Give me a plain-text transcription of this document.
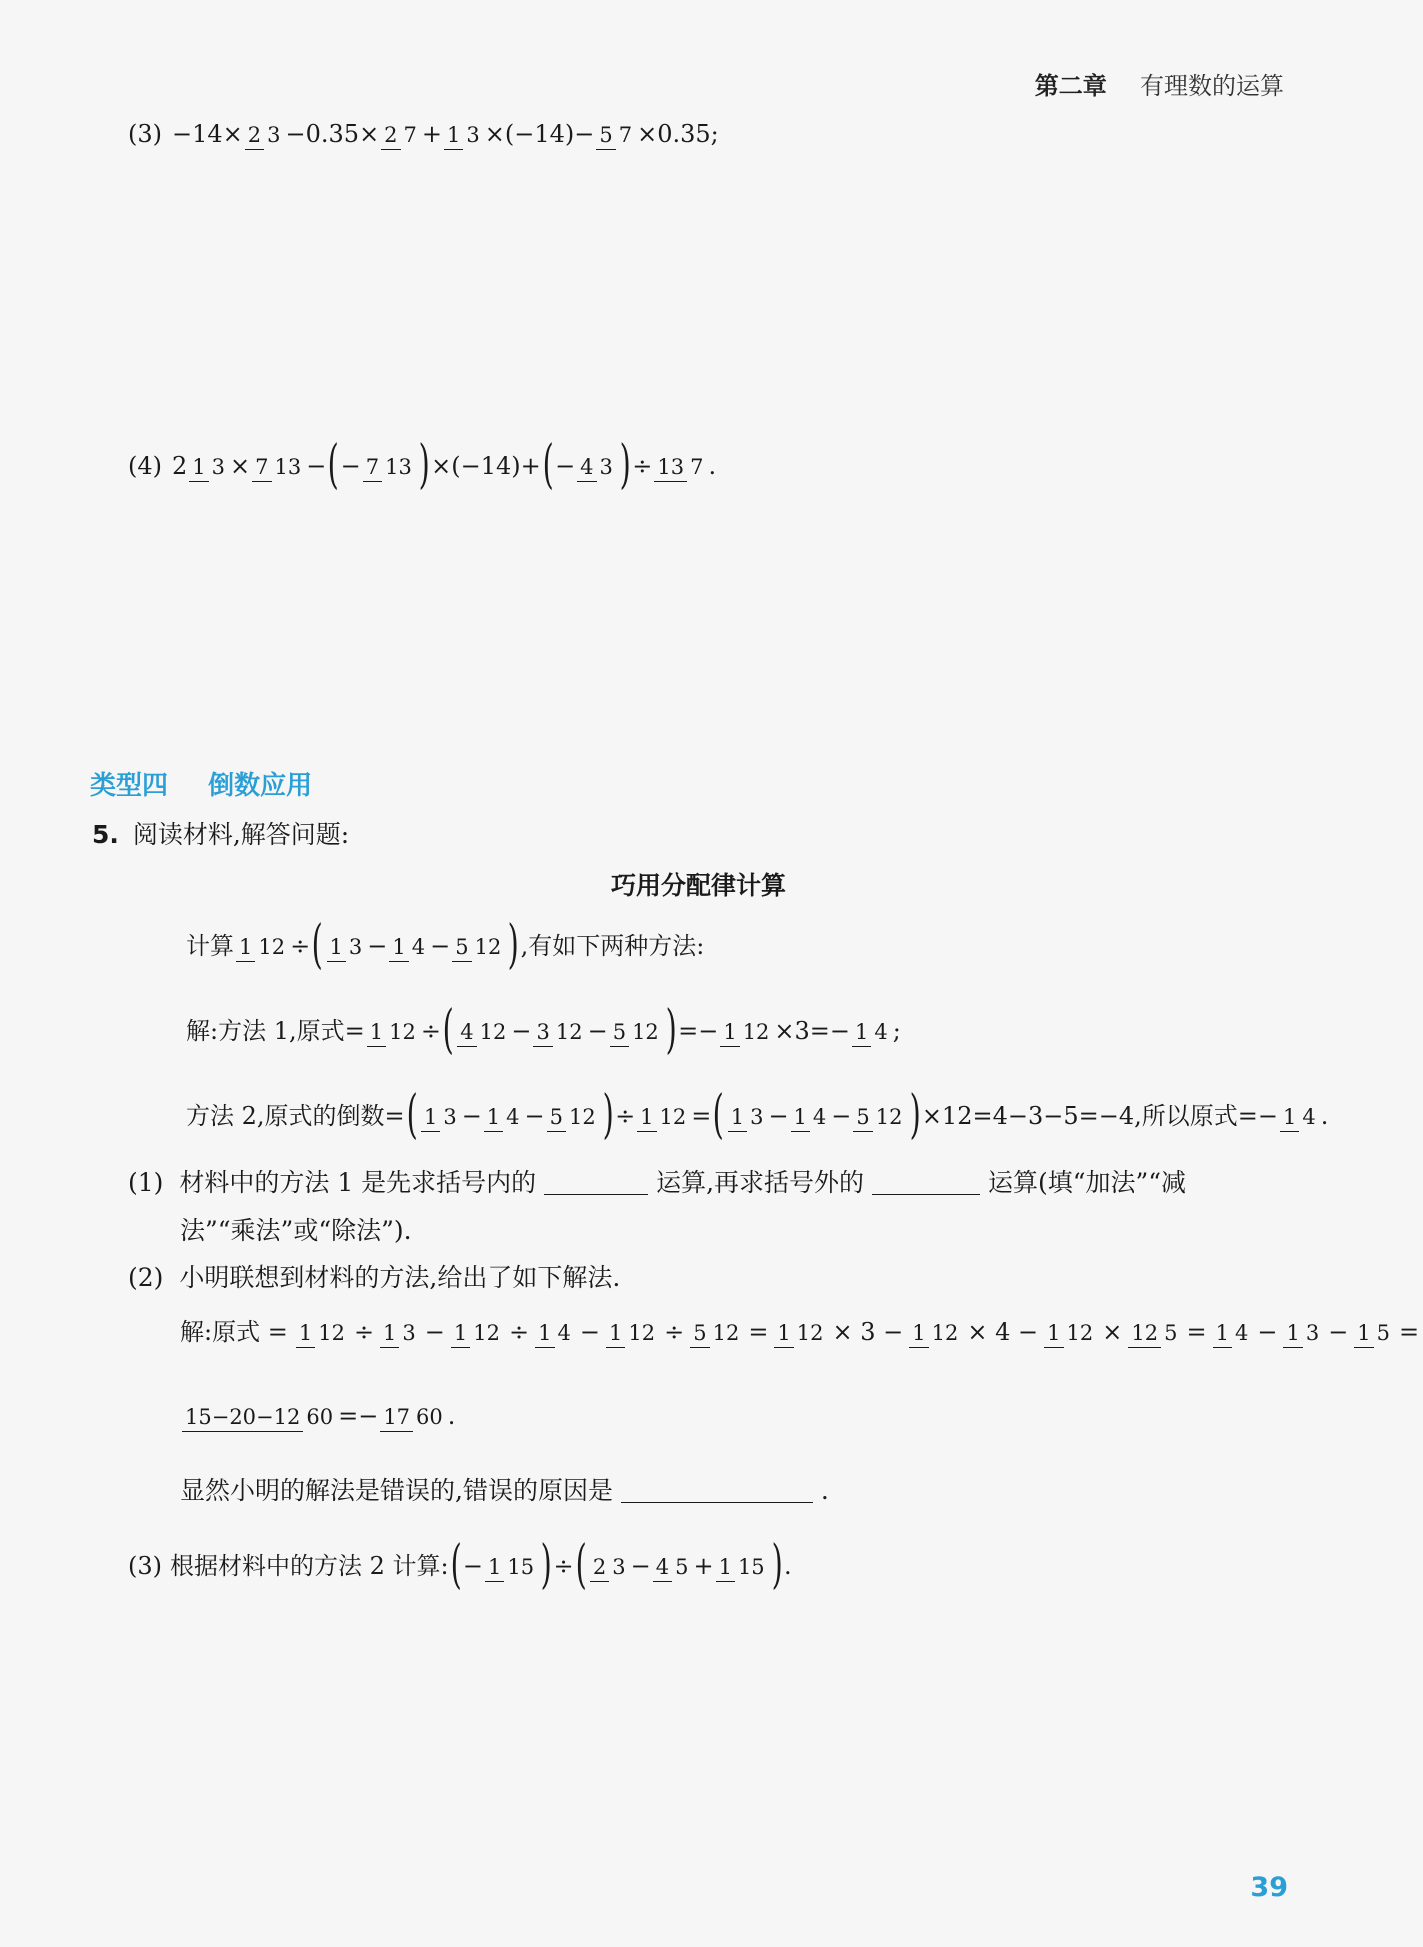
第二章 有理数的运算
(3) −14× 2 3 −0.35× 2 7 + 1 3 ×(−14)− 5 7 ×0.35;
(4) 2 1 3 × 7 13 − ( − 7 13 ) ×(−14)+ ( − 4 3 ) ÷ 13 7 .
类型四 倒数应用
5. 阅读材料,解答问题:
巧用分配律计算
计算 1 12 ÷ ( 1 3 − 1 4 − 5 12 ) ,有如下两种方法:
解:方法 1,原式= 1 12 ÷ ( 4 12 − 3 12 − 5 12 ) =− 1 12 ×3=− 1 4 ;
方法 2,原式的倒数= ( 1 3 − 1 4 − 5 12 ) ÷ 1 12 = ( 1 3 − 1 4 − 5 12 ) ×12=4−3−5=−4,所以原式=− 1 4 .
(1) 材料中的方法 1 是先求括号内的	运算,再求括号外的	运算(填“加法”“减
法”“乘法”或“除法”).
(2) 小明联想到材料的方法,给出了如下解法.
解:原式 = 1 12 ÷ 1 3 − 1 12 ÷ 1 4 − 1 12 ÷ 5 12 = 1 12 × 3 − 1 12 × 4 − 1 12 × 12 5 = 1 4 − 1 3 − 1 5 =
15−20−12 60 =− 17 60 .
显然小明的解法是错误的,错误的原因是	.
(3) 根据材料中的方法 2 计算: ( − 1 15 ) ÷ ( 2 3 − 4 5 + 1 15 ) .
39
